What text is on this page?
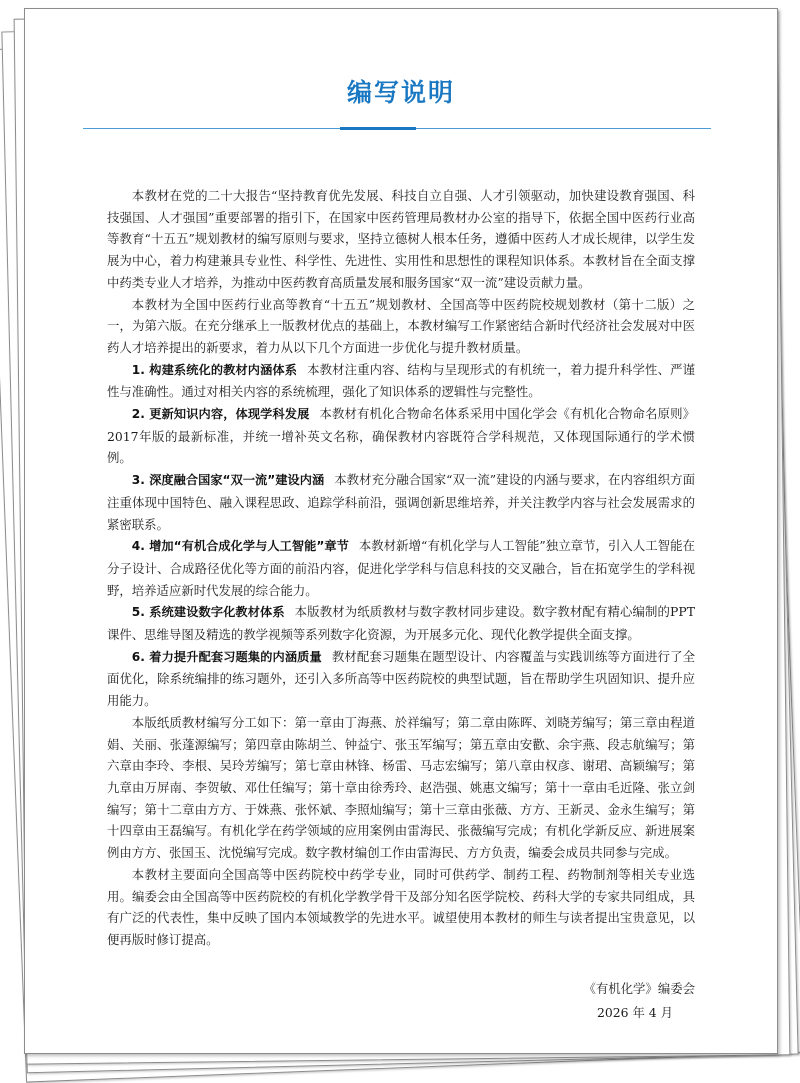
编写说明

本教材在党的二十大报告“坚持教育优先发展、科技自立自强、人才引领驱动，加快建设教育强国、科技强国、人才强国”重要部署的指引下，在国家中医药管理局教材办公室的指导下，依据全国中医药行业高等教育“十五五”规划教材的编写原则与要求，坚持立德树人根本任务，遵循中医药人才成长规律，以学生发展为中心，着力构建兼具专业性、科学性、先进性、实用性和思想性的课程知识体系。本教材旨在全面支撑中药类专业人才培养，为推动中医药教育高质量发展和服务国家“双一流”建设贡献力量。

本教材为全国中医药行业高等教育“十五五”规划教材、全国高等中医药院校规划教材（第十二版）之一，为第六版。在充分继承上一版教材优点的基础上，本教材编写工作紧密结合新时代经济社会发展对中医药人才培养提出的新要求，着力从以下几个方面进一步优化与提升教材质量。

1. 构建系统化的教材内涵体系 本教材注重内容、结构与呈现形式的有机统一，着力提升科学性、严谨性与准确性。通过对相关内容的系统梳理，强化了知识体系的逻辑性与完整性。

2. 更新知识内容，体现学科发展 本教材有机化合物命名体系采用中国化学会《有机化合物命名原则》2017年版的最新标准，并统一增补英文名称，确保教材内容既符合学科规范，又体现国际通行的学术惯例。

3. 深度融合国家“双一流”建设内涵 本教材充分融合国家“双一流”建设的内涵与要求，在内容组织方面注重体现中国特色、融入课程思政、追踪学科前沿，强调创新思维培养，并关注教学内容与社会发展需求的紧密联系。

4. 增加“有机合成化学与人工智能”章节 本教材新增“有机化学与人工智能”独立章节，引入人工智能在分子设计、合成路径优化等方面的前沿内容，促进化学学科与信息科技的交叉融合，旨在拓宽学生的学科视野，培养适应新时代发展的综合能力。

5. 系统建设数字化教材体系 本版教材为纸质教材与数字教材同步建设。数字教材配有精心编制的PPT课件、思维导图及精选的教学视频等系列数字化资源，为开展多元化、现代化教学提供全面支撑。

6. 着力提升配套习题集的内涵质量 教材配套习题集在题型设计、内容覆盖与实践训练等方面进行了全面优化，除系统编排的练习题外，还引入多所高等中医药院校的典型试题，旨在帮助学生巩固知识、提升应用能力。

本版纸质教材编写分工如下：第一章由丁海燕、於祥编写；第二章由陈晖、刘晓芳编写；第三章由程道娟、关丽、张蓬源编写；第四章由陈胡兰、钟益宁、张玉军编写；第五章由安歡、余宇燕、段志航编写；第六章由李玲、李根、吴玲芳编写；第七章由林锋、杨雷、马志宏编写；第八章由权彦、谢珺、高颖编写；第九章由万屏南、李贺敏、邓仕任编写；第十章由徐秀玲、赵浩强、姚惠文编写；第十一章由毛近隆、张立剑编写；第十二章由方方、于姝燕、张怀斌、李照灿编写；第十三章由张薇、方方、王新灵、金永生编写；第十四章由王磊编写。有机化学在药学领域的应用案例由雷海民、张薇编写完成；有机化学新反应、新进展案例由方方、张国玉、沈悦编写完成。数字教材编创工作由雷海民、方方负责，编委会成员共同参与完成。

本教材主要面向全国高等中医药院校中药学专业，同时可供药学、制药工程、药物制剂等相关专业选用。编委会由全国高等中医药院校的有机化学教学骨干及部分知名医学院校、药科大学的专家共同组成，具有广泛的代表性，集中反映了国内本领域教学的先进水平。诚望使用本教材的师生与读者提出宝贵意见，以便再版时修订提高。

《有机化学》编委会
2026 年 4 月
